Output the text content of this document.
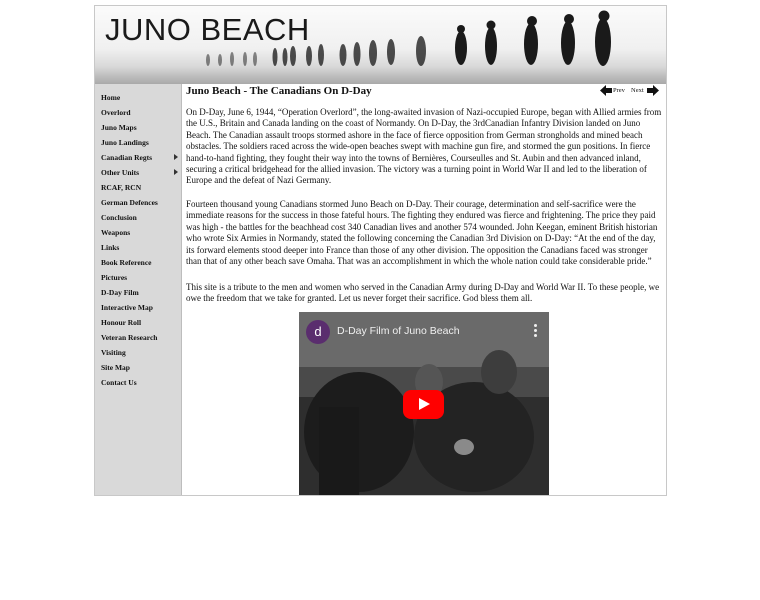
JUNO BEACH
Home
Overlord
Juno Maps
Juno Landings
Canadian Regts
Other Units
RCAF, RCN
German Defences
Conclusion
Weapons
Links
Book Reference
Pictures
D-Day Film
Interactive Map
Honour Roll
Veteran Research
Visiting
Site Map
Contact Us
Juno Beach - The Canadians On D-Day	Prev Next

On D-Day, June 6, 1944, “Operation Overlord”, the long-awaited invasion of Nazi-occupied Europe, began with Allied armies from the U.S., Britain and Canada landing on the coast of Normandy. On D-Day, the 3rdCanadian Infantry Division landed on Juno Beach. The Canadian assault troops stormed ashore in the face of fierce opposition from German strongholds and mined beach obstacles. The soldiers raced across the wide-open beaches swept with machine gun fire, and stormed the gun positions. In fierce hand-to-hand fighting, they fought their way into the towns of Bernières, Courseulles and St. Aubin and then advanced inland, securing a critical bridgehead for the allied invasion. The victory was a turning point in World War II and led to the liberation of Europe and the defeat of Nazi Germany.

Fourteen thousand young Canadians stormed Juno Beach on D-Day. Their courage, determination and self-sacrifice were the immediate reasons for the success in those fateful hours. The fighting they endured was fierce and frightening. The price they paid was high - the battles for the beachhead cost 340 Canadian lives and another 574 wounded. John Keegan, eminent British historian who wrote Six Armies in Normandy, stated the following concerning the Canadian 3rd Division on D-Day: “At the end of the day, its forward elements stood deeper into France than those of any other division. The opposition the Canadians faced was stronger than that of any other beach save Omaha. That was an accomplishment in which the whole nation could take considerable pride.”

This site is a tribute to the men and women who served in the Canadian Army during D-Day and World War II. To these people, we owe the freedom that we take for granted. Let us never forget their sacrifice. God bless them all.

d	D-Day Film of Juno Beach
